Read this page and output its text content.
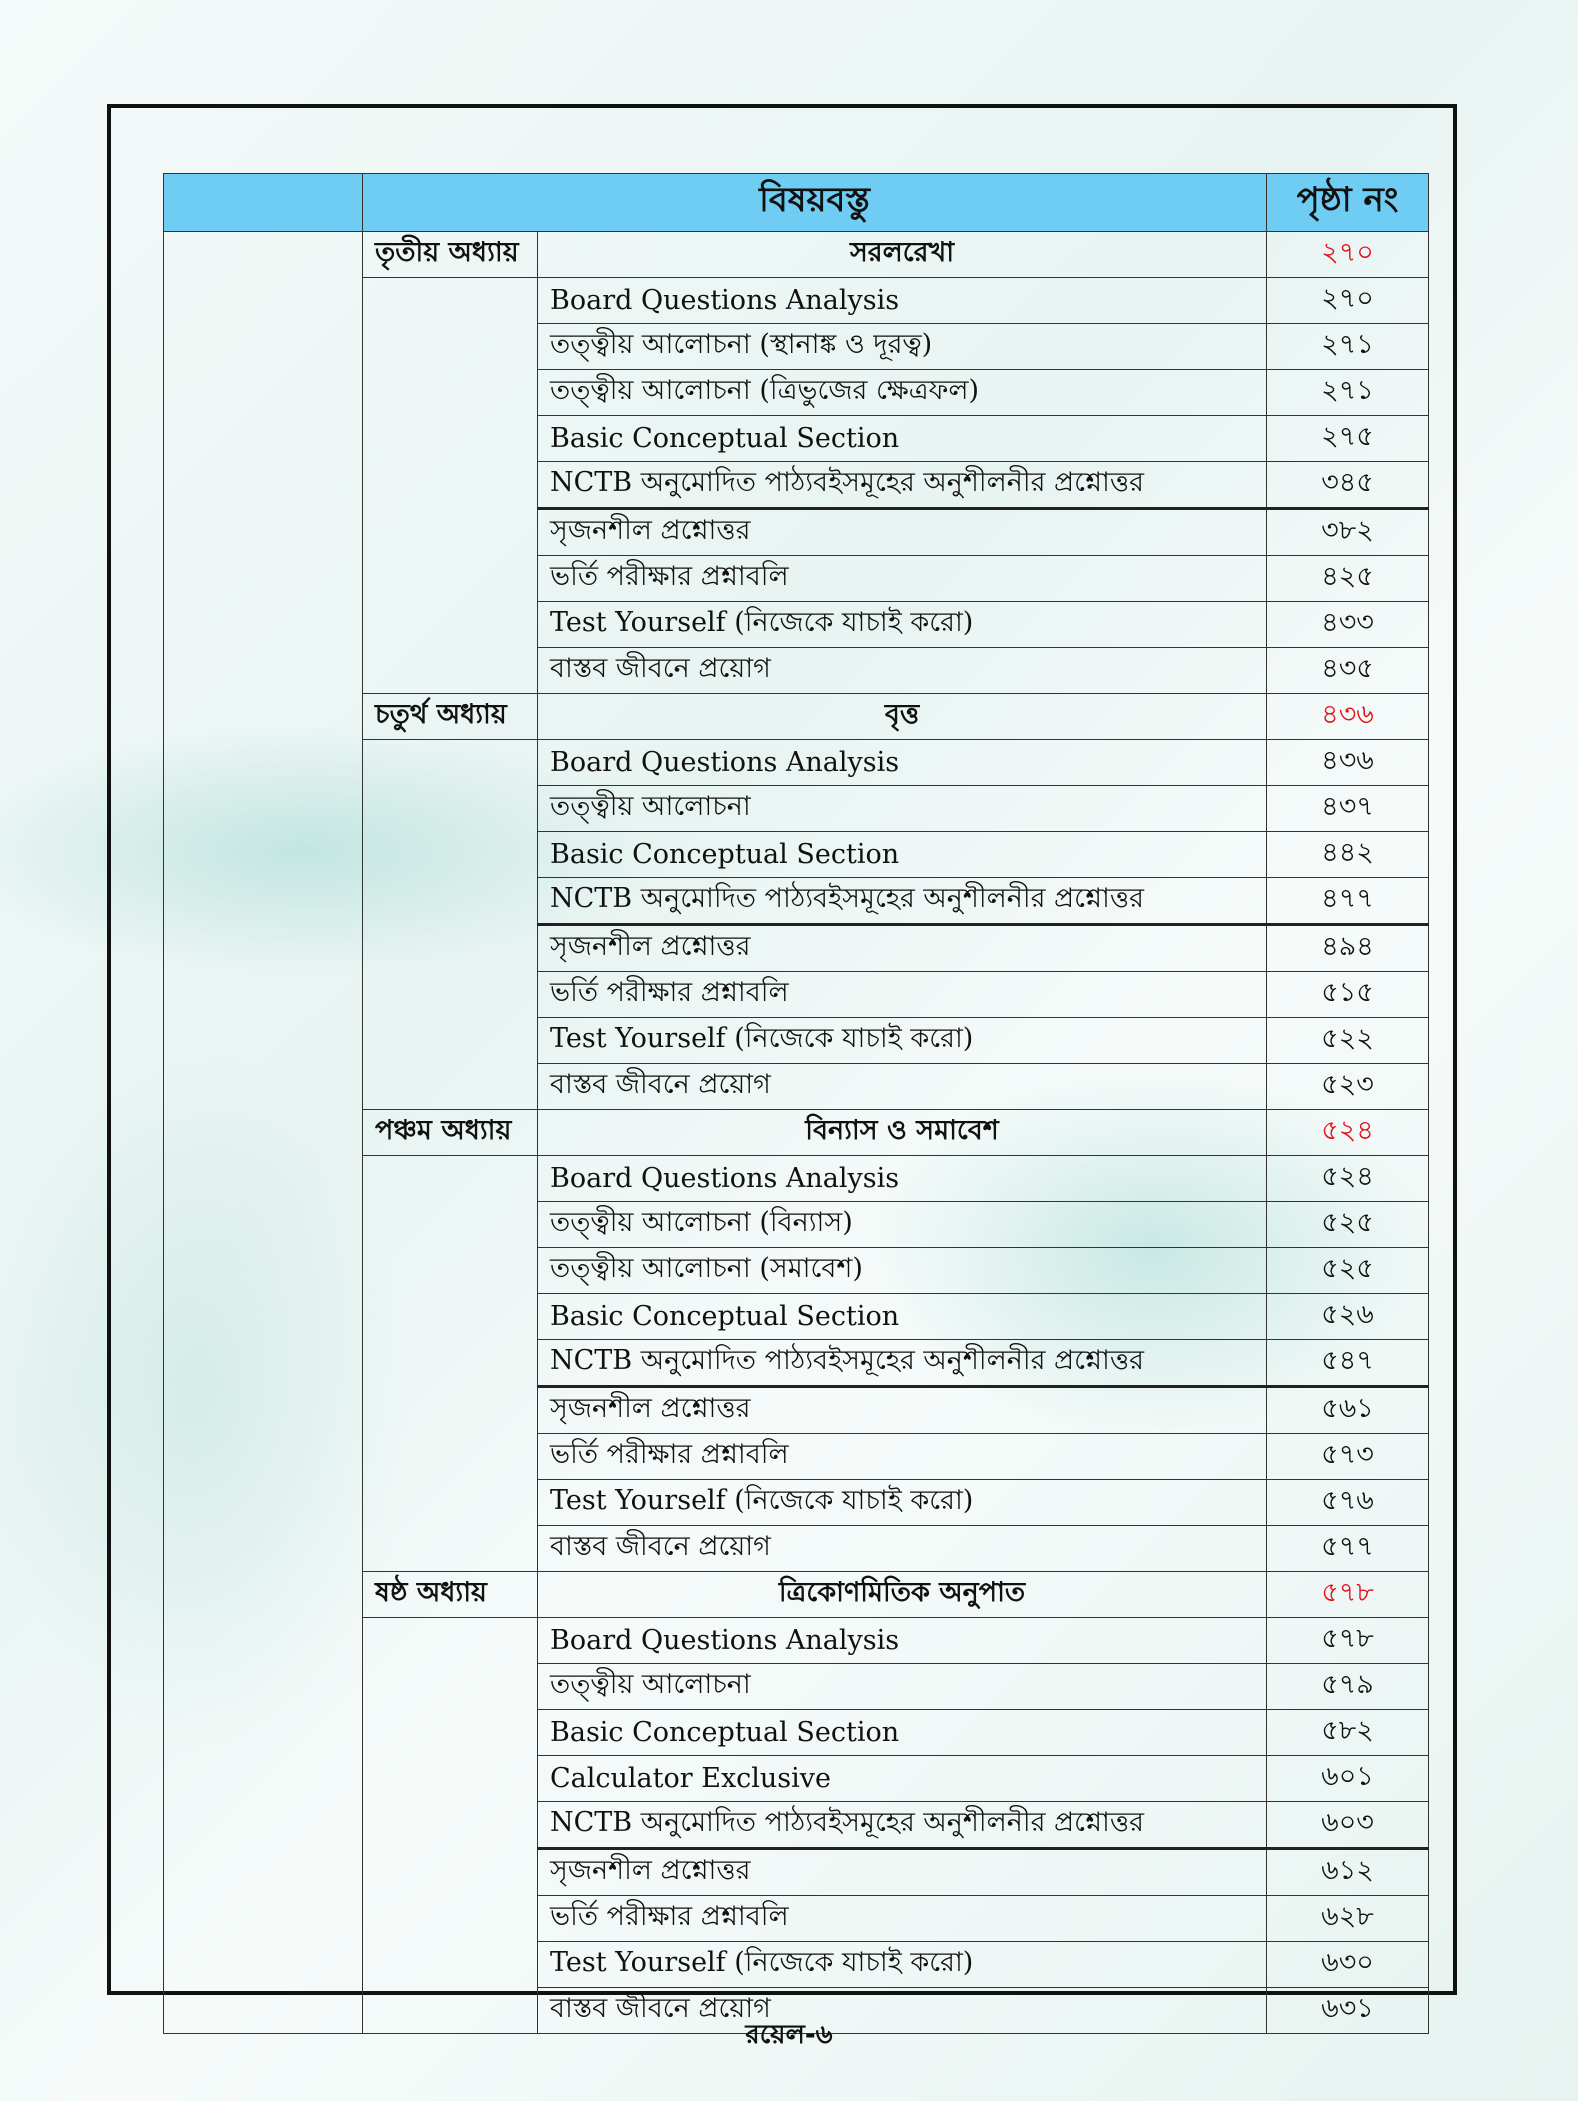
	বিষয়বস্তু		পৃষ্ঠা নং
	তৃতীয় অধ্যায়	সরলরেখা	২৭০
		Board Questions Analysis	২৭০
		তত্ত্বীয় আলোচনা (স্থানাঙ্ক ও দূরত্ব)	২৭১
		তত্ত্বীয় আলোচনা (ত্রিভুজের ক্ষেত্রফল)	২৭১
		Basic Conceptual Section	২৭৫
		NCTB অনুমোদিত পাঠ্যবইসমূহের অনুশীলনীর প্রশ্নোত্তর	৩৪৫
		সৃজনশীল প্রশ্নোত্তর	৩৮২
		ভর্তি পরীক্ষার প্রশ্নাবলি	৪২৫
		Test Yourself (নিজেকে যাচাই করো)	৪৩৩
		বাস্তব জীবনে প্রয়োগ	৪৩৫
	চতুর্থ অধ্যায়	বৃত্ত	৪৩৬
		Board Questions Analysis	৪৩৬
		তত্ত্বীয় আলোচনা	৪৩৭
		Basic Conceptual Section	৪৪২
		NCTB অনুমোদিত পাঠ্যবইসমূহের অনুশীলনীর প্রশ্নোত্তর	৪৭৭
		সৃজনশীল প্রশ্নোত্তর	৪৯৪
		ভর্তি পরীক্ষার প্রশ্নাবলি	৫১৫
		Test Yourself (নিজেকে যাচাই করো)	৫২২
		বাস্তব জীবনে প্রয়োগ	৫২৩
	পঞ্চম অধ্যায়	বিন্যাস ও সমাবেশ	৫২৪
		Board Questions Analysis	৫২৪
		তত্ত্বীয় আলোচনা (বিন্যাস)	৫২৫
		তত্ত্বীয় আলোচনা (সমাবেশ)	৫২৫
		Basic Conceptual Section	৫২৬
		NCTB অনুমোদিত পাঠ্যবইসমূহের অনুশীলনীর প্রশ্নোত্তর	৫৪৭
		সৃজনশীল প্রশ্নোত্তর	৫৬১
		ভর্তি পরীক্ষার প্রশ্নাবলি	৫৭৩
		Test Yourself (নিজেকে যাচাই করো)	৫৭৬
		বাস্তব জীবনে প্রয়োগ	৫৭৭
	ষষ্ঠ অধ্যায়	ত্রিকোণমিতিক অনুপাত	৫৭৮
		Board Questions Analysis	৫৭৮
		তত্ত্বীয় আলোচনা	৫৭৯
		Basic Conceptual Section	৫৮২
		Calculator Exclusive	৬০১
		NCTB অনুমোদিত পাঠ্যবইসমূহের অনুশীলনীর প্রশ্নোত্তর	৬০৩
		সৃজনশীল প্রশ্নোত্তর	৬১২
		ভর্তি পরীক্ষার প্রশ্নাবলি	৬২৮
		Test Yourself (নিজেকে যাচাই করো)	৬৩০
		বাস্তব জীবনে প্রয়োগ	৬৩১
রয়েল-৬
